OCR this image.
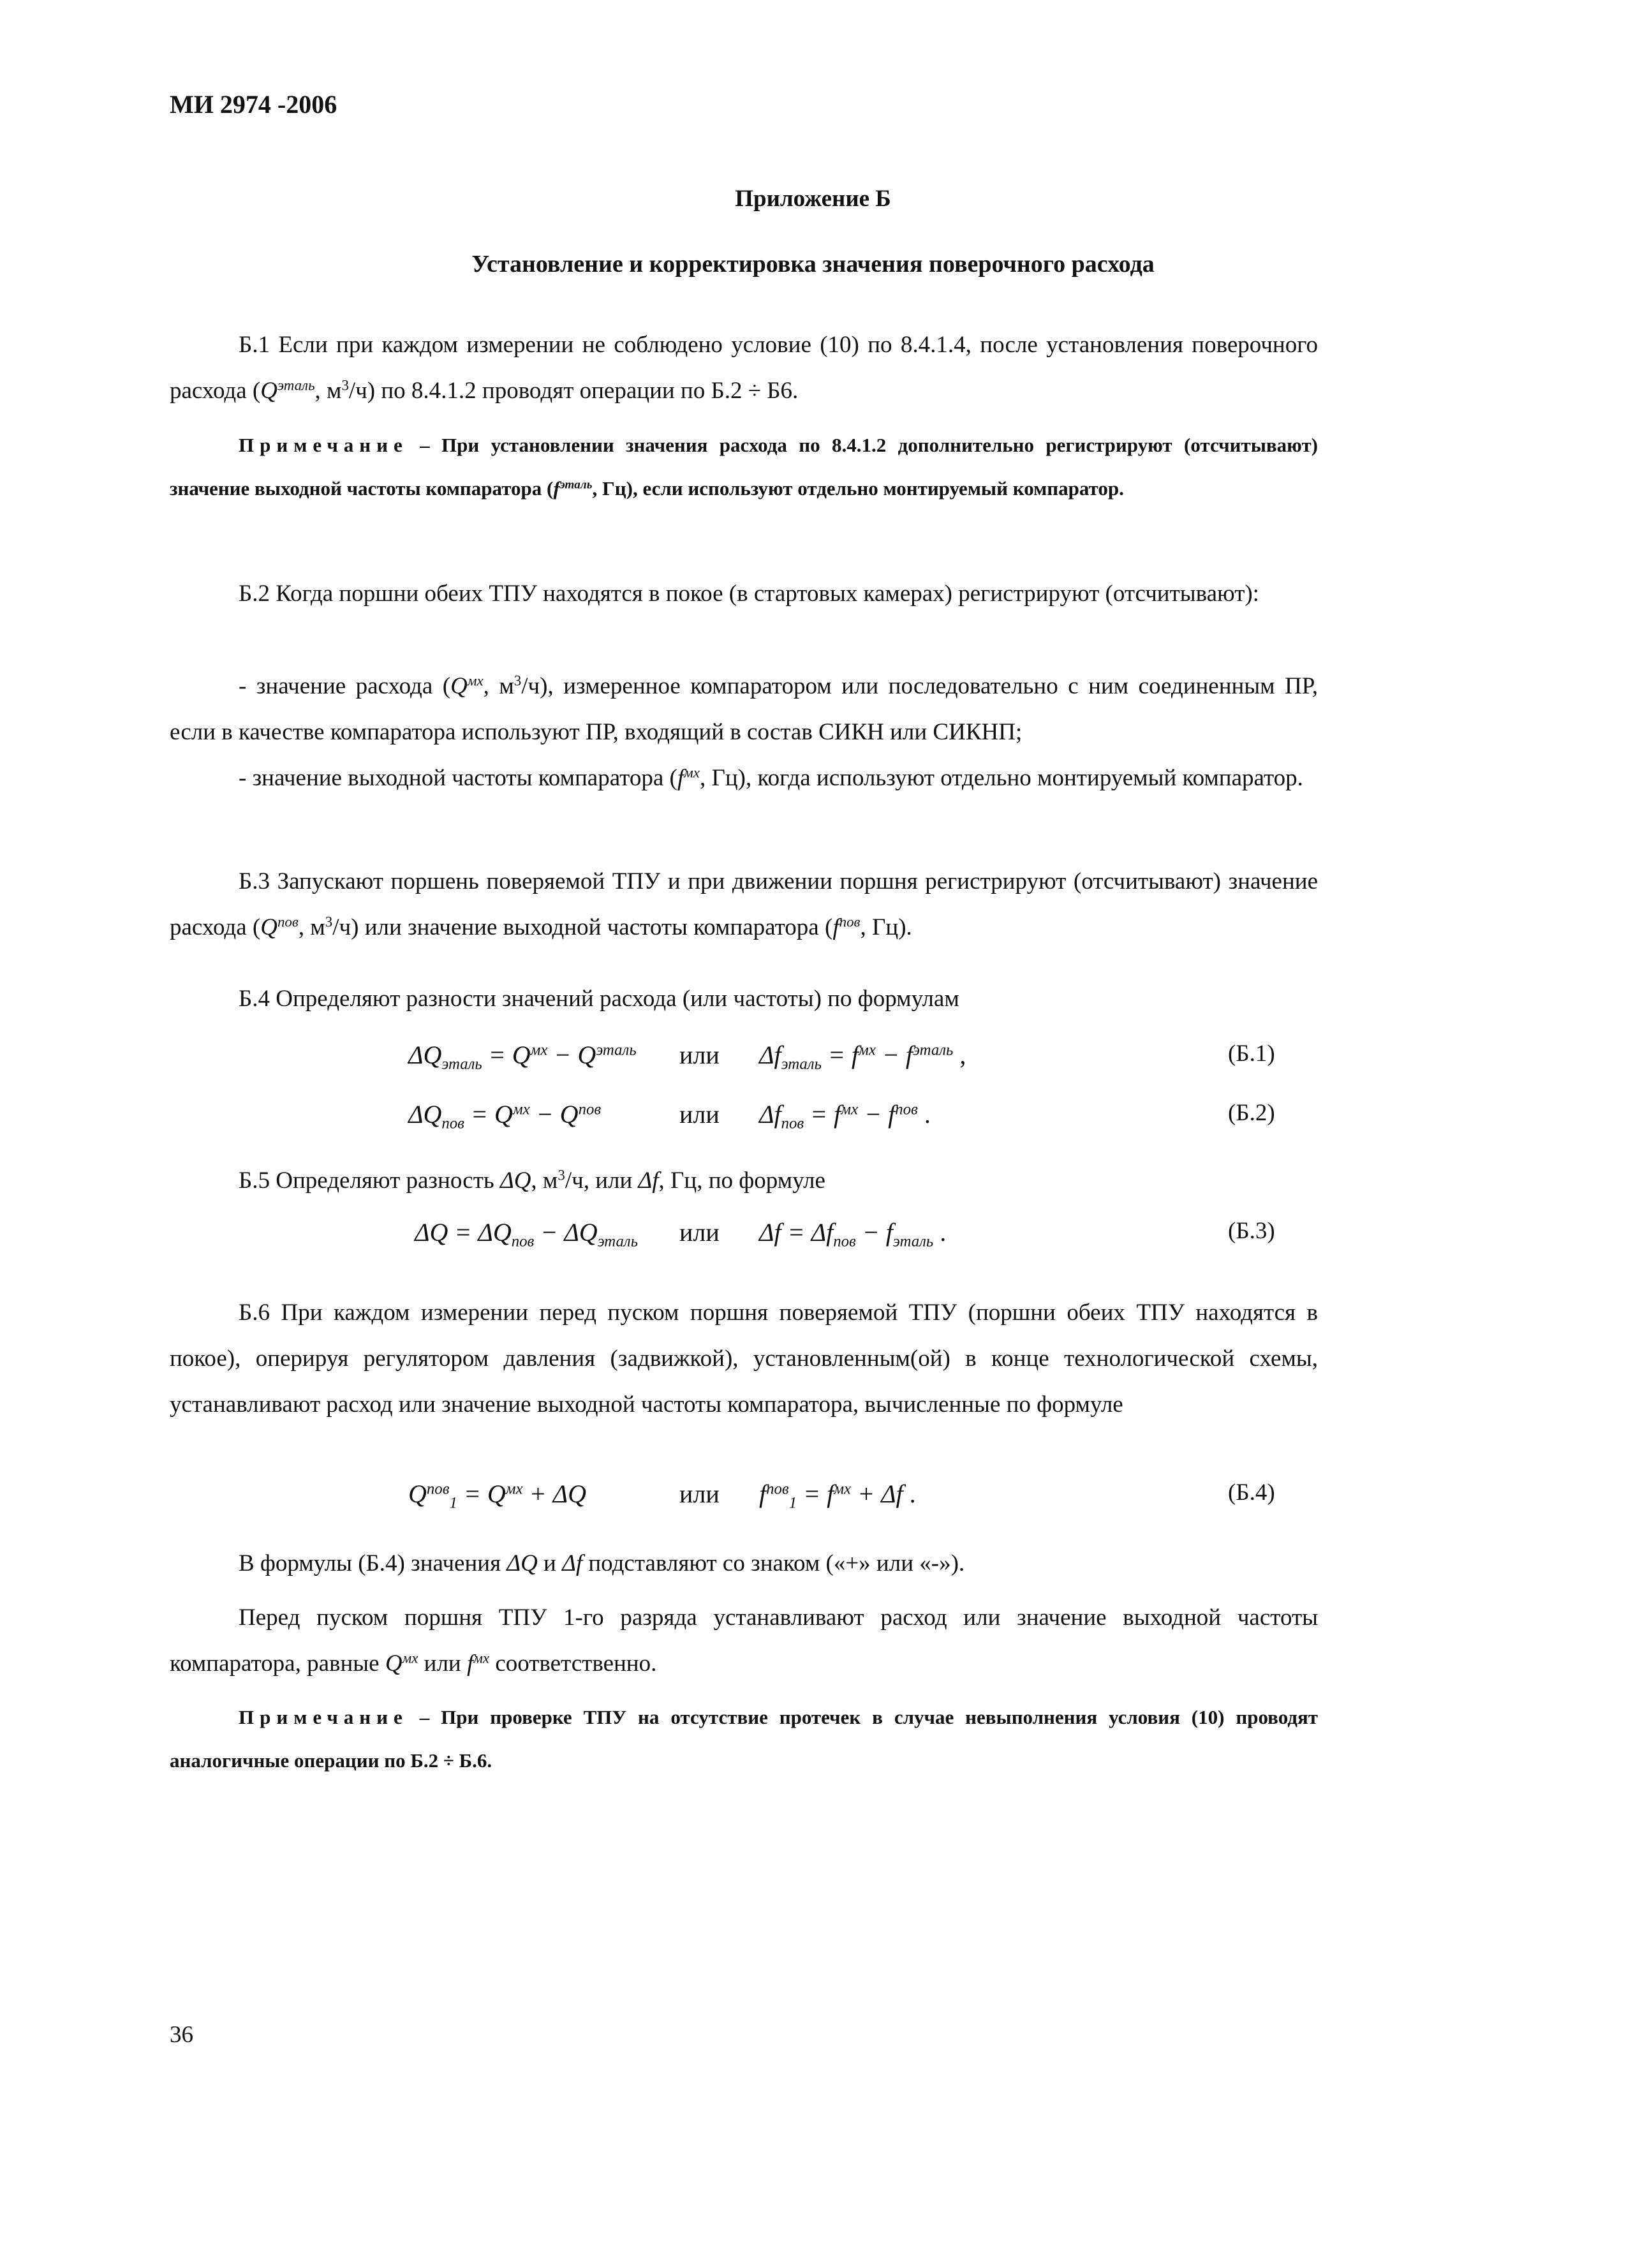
МИ 2974 -2006
Приложение Б
Установление и корректировка значения поверочного расхода
Б.1 Если при каждом измерении не соблюдено условие (10) по 8.4.1.4, после установления поверочного расхода ($Q^{эталь}$, $м^3/ч$) по 8.4.1.2 проводят операции по Б.2 ÷ Б6.
Примечание – При установлении значения расхода по 8.4.1.2 дополнительно регистрируют (отсчитывают) значение выходной частоты компаратора ($f^{эталь}$, Гц), если используют отдельно монтируемый компаратор.
Б.2 Когда поршни обеих ТПУ находятся в покое (в стартовых камерах) регистрируют (отсчитывают):
- значение расхода ($Q^{мх}$, $м^3/ч$), измеренное компаратором или последовательно с ним соединенным ПР, если в качестве компаратора используют ПР, входящий в состав СИКН или СИКНП;
- значение выходной частоты компаратора ($f^{мх}$, Гц), когда используют отдельно монтируемый компаратор.
Б.3 Запускают поршень поверяемой ТПУ и при движении поршня регистрируют (отсчитывают) значение расхода ($Q^{пов}$, $м^3/ч$) или значение выходной частоты компаратора ($f^{пов}$, Гц).
Б.4 Определяют разности значений расхода (или частоты) по формулам
$\Delta Q_{эталь} = Q^{мх} - Q^{эталь}$ или $\Delta f_{эталь} = f^{мх} - f^{эталь}$ ,	(Б.1)
$\Delta Q_{пов} = Q^{мх} - Q^{пов}$	или $\Delta f_{пов} = f^{мх} - f^{пов}$ .	(Б.2)
Б.5 Определяют разность ΔQ, $м^3/ч$, или Δf, Гц, по формуле
$\Delta Q = \Delta Q_{пов} - \Delta Q_{эталь}$ или $\Delta f = \Delta f_{пов} - f_{эталь}$ .	(Б.3)
Б.6 При каждом измерении перед пуском поршня поверяемой ТПУ (поршни обеих ТПУ находятся в покое), оперируя регулятором давления (задвижкой), установленным(ой) в конце технологической схемы, устанавливают расход или значение выходной частоты компаратора, вычисленные по формуле
$Q^{пов}_1 = Q^{мх} + \Delta Q$	или $f^{пов}_1 = f^{мх} + \Delta f$ .	(Б.4)
В формулы (Б.4) значения ΔQ и Δf подставляют со знаком («+» или «-»).
Перед пуском поршня ТПУ 1-го разряда устанавливают расход или значение выходной частоты компаратора, равные $Q^{мх}$ или $f^{мх}$ соответственно.
Примечание – При проверке ТПУ на отсутствие протечек в случае невыполнения условия (10) проводят аналогичные операции по Б.2 ÷ Б.6.
36
